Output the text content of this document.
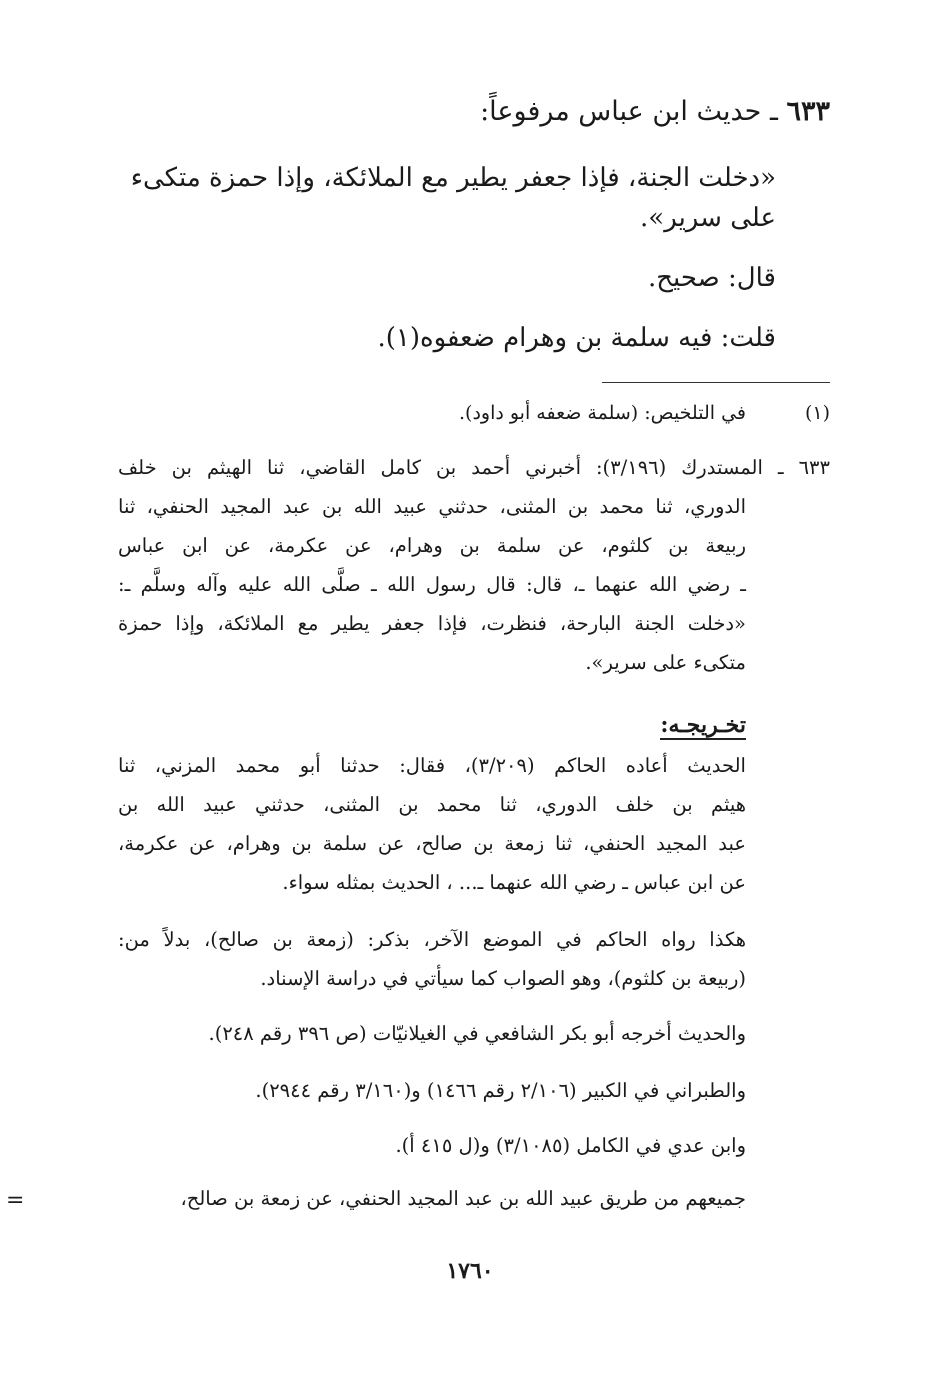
٦٣٣ ـ حديث ابن عباس مرفوعاً:
«دخلت الجنة، فإذا جعفر يطير مع الملائكة، وإذا حمزة متكىء
على سرير».
قال: صحيح.
قلت: فيه سلمة بن وهرام ضعفوه(١).
(١)في التلخيص: (سلمة ضعفه أبو داود).
٦٣٣ ـ المستدرك (٣/١٩٦): أخبرني أحمد بن كامل القاضي، ثنا الهيثم بن خلف
الدوري، ثنا محمد بن المثنى، حدثني عبيد الله بن عبد المجيد الحنفي، ثنا
ربيعة بن كلثوم، عن سلمة بن وهرام، عن عكرمة، عن ابن عباس
ـ رضي الله عنهما ـ، قال: قال رسول الله ـ صلَّى الله عليه وآله وسلَّم ـ:
«دخلت الجنة البارحة، فنظرت، فإذا جعفر يطير مع الملائكة، وإذا حمزة
متكىء على سرير».
تخـريجـه:
الحديث أعاده الحاكم (٣/٢٠٩)، فقال: حدثنا أبو محمد المزني، ثنا
هيثم بن خلف الدوري، ثنا محمد بن المثنى، حدثني عبيد الله بن
عبد المجيد الحنفي، ثنا زمعة بن صالح، عن سلمة بن وهرام، عن عكرمة،
عن ابن عباس ـ رضي الله عنهما ـ... ، الحديث بمثله سواء.
هكذا رواه الحاكم في الموضع الآخر، بذكر: (زمعة بن صالح)، بدلاً من:
(ربيعة بن كلثوم)، وهو الصواب كما سيأتي في دراسة الإسناد.
والحديث أخرجه أبو بكر الشافعي في الغيلانيّات (ص ٣٩٦ رقم ٢٤٨).
والطبراني في الكبير (٢/١٠٦ رقم ١٤٦٦) و(٣/١٦٠ رقم ٢٩٤٤).
وابن عدي في الكامل (٣/١٠٨٥) و(ل ٤١٥ أ).
جميعهم من طريق عبيد الله بن عبد المجيد الحنفي، عن زمعة بن صالح،
=
١٧٦٠
